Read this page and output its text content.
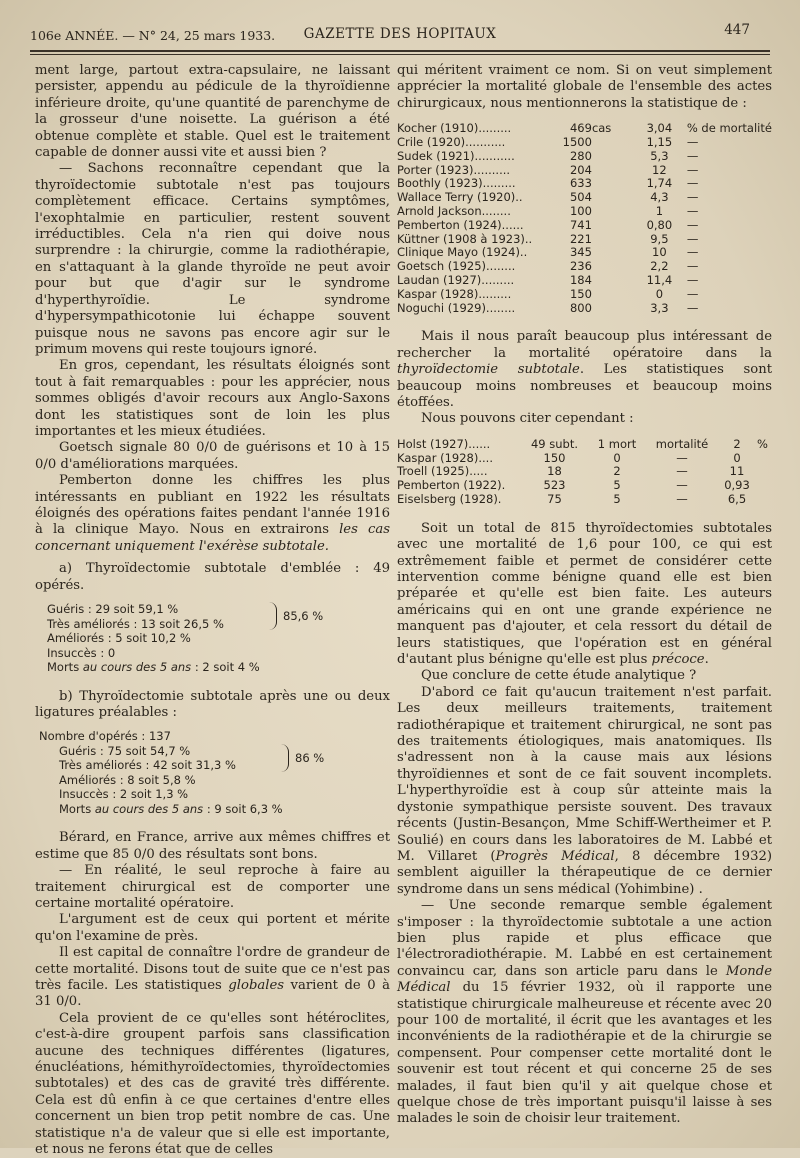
106e ANNÉE. — N° 24, 25 mars 1933.	GAZETTE DES HOPITAUX	447

ment large, partout extra-capsulaire, ne laissant persister, appendu au pédicule de la thyroïdienne inférieure droite, qu'une quantité de parenchyme de la grosseur d'une noisette. La guérison a été obtenue complète et stable. Quel est le traitement capable de donner aussi vite et aussi bien ?

— Sachons reconnaître cependant que la thyroïdectomie subtotale n'est pas toujours complètement efficace. Certains symptômes, l'exophtalmie en particulier, restent souvent irréductibles. Cela n'a rien qui doive nous surprendre : la chirurgie, comme la radiothérapie, en s'attaquant à la glande thyroïde ne peut avoir pour but que d'agir sur le syndrome d'hyperthyroïdie. Le syndrome d'hypersympathicotonie lui échappe souvent puisque nous ne savons pas encore agir sur le primum movens qui reste toujours ignoré.

En gros, cependant, les résultats éloignés sont tout à fait remarquables : pour les apprécier, nous sommes obligés d'avoir recours aux Anglo-Saxons dont les statistiques sont de loin les plus importantes et les mieux étudiées.

Goetsch signale 80 0/0 de guérisons et 10 à 15 0/0 d'améliorations marquées.

Pemberton donne les chiffres les plus intéressants en publiant en 1922 les résultats éloignés des opérations faites pendant l'année 1916 à la clinique Mayo. Nous en extrairons les cas concernant uniquement l'exérèse subtotale.

a) Thyroïdectomie subtotale d'emblée : 49 opérés.

Guéris : 29 soit 59,1 %
Très améliorés : 13 soit 26,5 %
85,6 %
Améliorés : 5 soit 10,2 %
Insuccès : 0
Morts au cours des 5 ans : 2 soit 4 %

b) Thyroïdectomie subtotale après une ou deux ligatures préalables :

Nombre d'opérés : 137
Guéris : 75 soit 54,7 %
Très améliorés : 42 soit 31,3 %
86 %
Améliorés : 8 soit 5,8 %
Insuccès : 2 soit 1,3 %
Morts au cours des 5 ans : 9 soit 6,3 %

Bérard, en France, arrive aux mêmes chiffres et estime que 85 0/0 des résultats sont bons.

— En réalité, le seul reproche à faire au traitement chirurgical est de comporter une certaine mortalité opératoire.

L'argument est de ceux qui portent et mérite qu'on l'examine de près.

Il est capital de connaître l'ordre de grandeur de cette mortalité. Disons tout de suite que ce n'est pas très facile. Les statistiques globales varient de 0 à 31 0/0.

Cela provient de ce qu'elles sont hétéroclites, c'est-à-dire groupent parfois sans classification aucune des techniques différentes (ligatures, énucléations, hémithyroïdectomies, thyroïdectomies subtotales) et des cas de gravité très différente. Cela est dû enfin à ce que certaines d'entre elles concernent un bien trop petit nombre de cas. Une statistique n'a de valeur que si elle est importante, et nous ne ferons état que de celles

qui méritent vraiment ce nom. Si on veut simplement apprécier la mortalité globale de l'ensemble des actes chirurgicaux, nous mentionnerons la statistique de :

Kocher (1910).........	469	cas	3,04	% de mortalité
Crile (1920)...........	1500		1,15	—
Sudek (1921)...........	280		5,3	—
Porter (1923)..........	204		12	—
Boothly (1923).........	633		1,74	—
Wallace Terry (1920)..	504		4,3	—
Arnold Jackson........	100		1	—
Pemberton (1924)......	741		0,80	—
Küttner (1908 à 1923)..	221		9,5	—
Clinique Mayo (1924)..	345		10	—
Goetsch (1925)........	236		2,2	—
Laudan (1927).........	184		11,4	—
Kaspar (1928).........	150		0	—
Noguchi (1929)........	800		3,3	—

Mais il nous paraît beaucoup plus intéressant de rechercher la mortalité opératoire dans la thyroïdectomie subtotale. Les statistiques sont beaucoup moins nombreuses et beaucoup moins étoffées.

Nous pouvons citer cependant :

Holst (1927)......	49 subt.	1 mort	mortalité	2	%
Kaspar (1928)....	150	0	—	0	
Troell (1925).....	18	2	—	11	
Pemberton (1922).	523	5	—	0,93	
Eiselsberg (1928).	75	5	—	6,5	

Soit un total de 815 thyroïdectomies subtotales avec une mortalité de 1,6 pour 100, ce qui est extrêmement faible et permet de considérer cette intervention comme bénigne quand elle est bien préparée et qu'elle est bien faite. Les auteurs américains qui en ont une grande expérience ne manquent pas d'ajouter, et cela ressort du détail de leurs statistiques, que l'opération est en général d'autant plus bénigne qu'elle est plus précoce.

Que conclure de cette étude analytique ?

D'abord ce fait qu'aucun traitement n'est parfait. Les deux meilleurs traitements, traitement radiothérapique et traitement chirurgical, ne sont pas des traitements étiologiques, mais anatomiques. Ils s'adressent non à la cause mais aux lésions thyroïdiennes et sont de ce fait souvent incomplets. L'hyperthyroïdie est à coup sûr atteinte mais la dystonie sympathique persiste souvent. Des travaux récents (Justin-Besançon, Mme Schiff-Wertheimer et P. Soulié) en cours dans les laboratoires de M. Labbé et M. Villaret (Progrès Médical, 8 décembre 1932) semblent aiguiller la thérapeutique de ce dernier syndrome dans un sens médical (Yohimbine) .

— Une seconde remarque semble également s'imposer : la thyroïdectomie subtotale a une action bien plus rapide et plus efficace que l'électroradiothérapie. M. Labbé en est certainement convaincu car, dans son article paru dans le Monde Médical du 15 février 1932, où il rapporte une statistique chirurgicale malheureuse et récente avec 20 pour 100 de mortalité, il écrit que les avantages et les inconvénients de la radiothérapie et de la chirurgie se compensent. Pour compenser cette mortalité dont le souvenir est tout récent et qui concerne 25 de ses malades, il faut bien qu'il y ait quelque chose et quelque chose de très important puisqu'il laisse à ses malades le soin de choisir leur traitement.
